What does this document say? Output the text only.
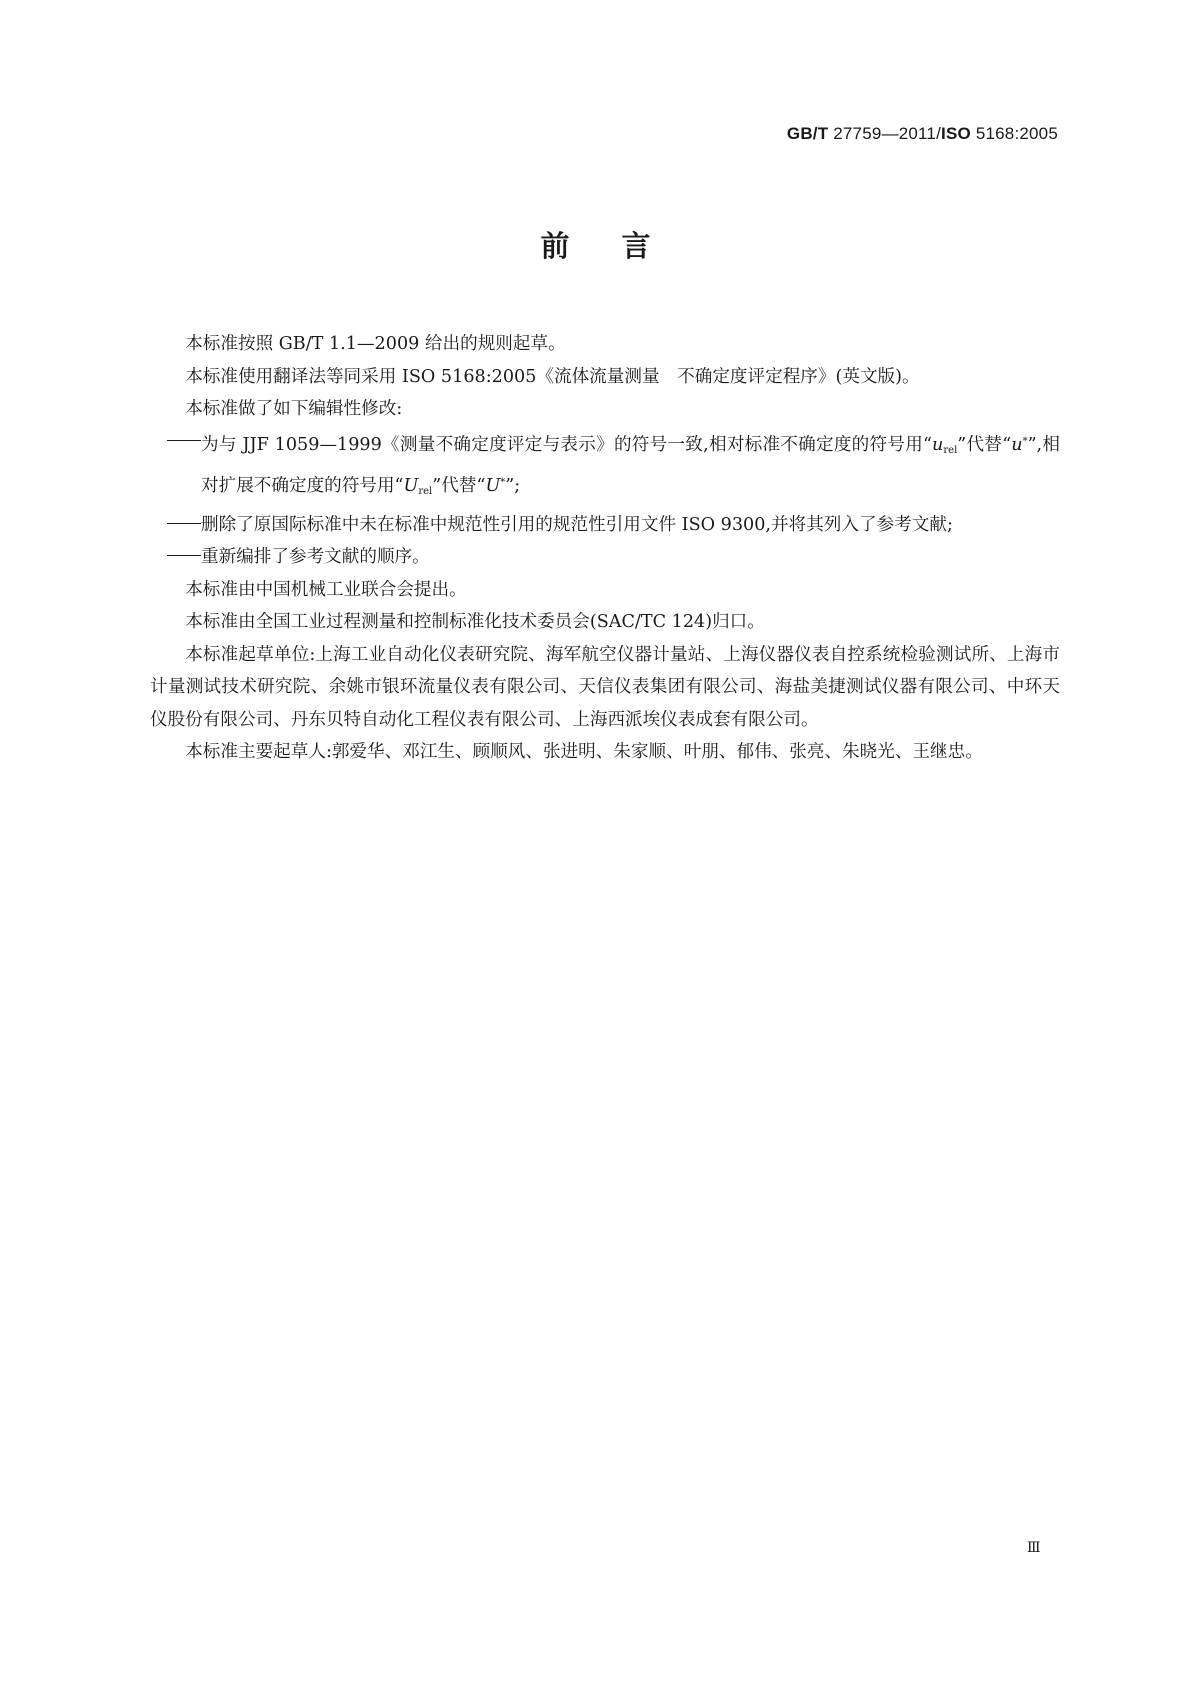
GB/T 27759—2011/ISO 5168:2005
前言
本标准按照 GB/T 1.1—2009 给出的规则起草。
本标准使用翻译法等同采用 ISO 5168:2005《流体流量测量　不确定度评定程序》(英文版)。
本标准做了如下编辑性修改:
为与 JJF 1059—1999《测量不确定度评定与表示》的符号一致,相对标准不确定度的符号用“$u_{rel}$”代替“u*”,相对扩展不确定度的符号用“$U_{rel}$”代替“U*”;
删除了原国际标准中未在标准中规范性引用的规范性引用文件 ISO 9300,并将其列入了参考文献;
重新编排了参考文献的顺序。
本标准由中国机械工业联合会提出。
本标准由全国工业过程测量和控制标准化技术委员会(SAC/TC 124)归口。
本标准起草单位:上海工业自动化仪表研究院、海军航空仪器计量站、上海仪器仪表自控系统检验测试所、上海市计量测试技术研究院、余姚市银环流量仪表有限公司、天信仪表集团有限公司、海盐美捷测试仪器有限公司、中环天仪股份有限公司、丹东贝特自动化工程仪表有限公司、上海西派埃仪表成套有限公司。
本标准主要起草人:郭爱华、邓江生、顾顺风、张进明、朱家顺、叶朋、郁伟、张亮、朱晓光、王继忠。
Ⅲ
